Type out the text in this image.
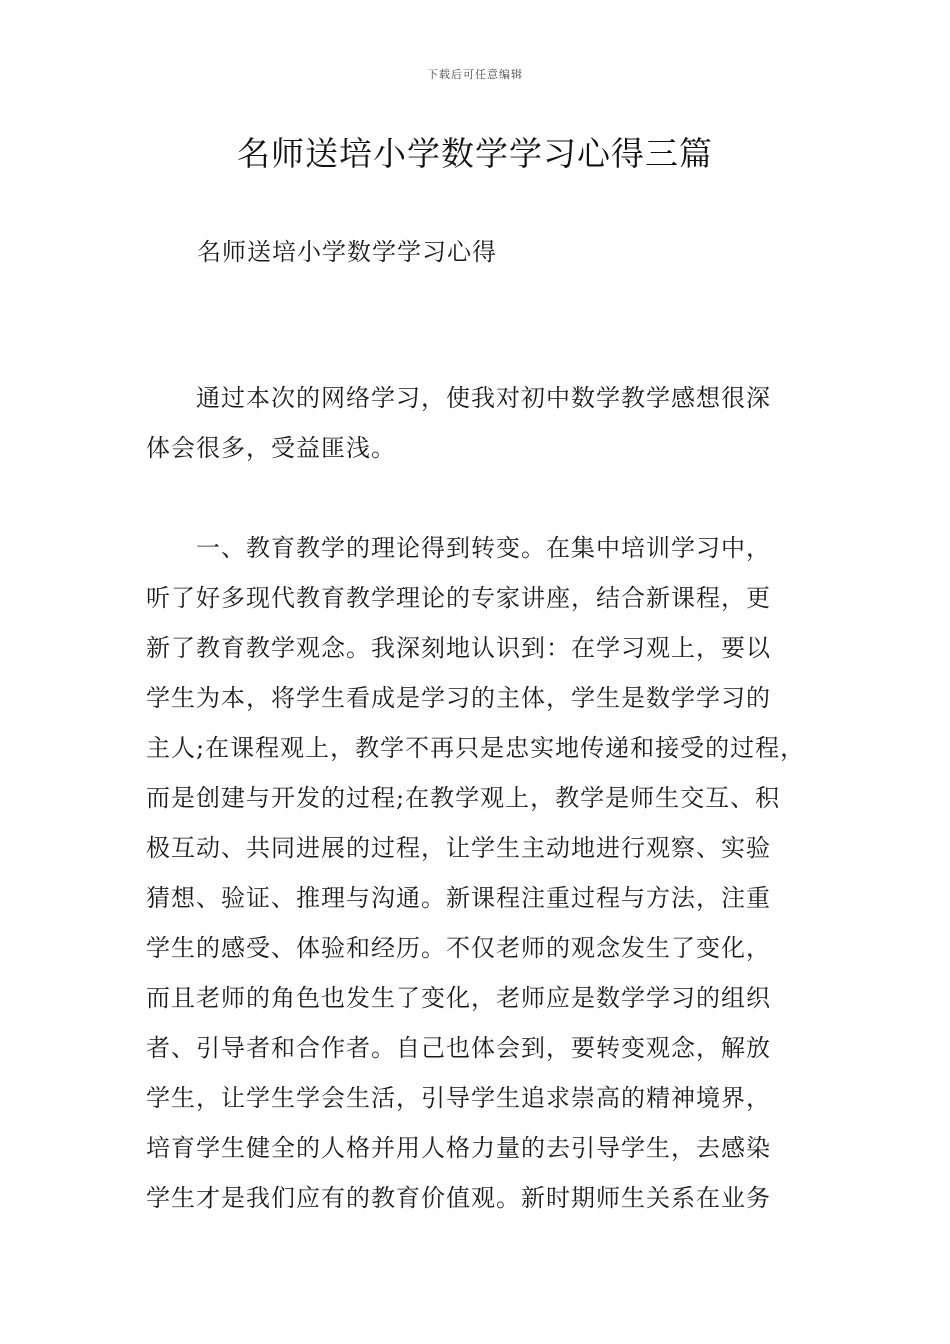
下载后可任意编辑
名师送培小学数学学习心得三篇
名师送培小学数学学习心得
　　通过本次的网络学习，使我对初中数学教学感想很深
体会很多，受益匪浅。
　　一、教育教学的理论得到转变。在集中培训学习中，
听了好多现代教育教学理论的专家讲座，结合新课程，更
新了教育教学观念。我深刻地认识到：在学习观上，要以
学生为本，将学生看成是学习的主体，学生是数学学习的
主人;在课程观上，教学不再只是忠实地传递和接受的过程，
而是创建与开发的过程;在教学观上，教学是师生交互、积
极互动、共同进展的过程，让学生主动地进行观察、实验
猜想、验证、推理与沟通。新课程注重过程与方法，注重
学生的感受、体验和经历。不仅老师的观念发生了变化，
而且老师的角色也发生了变化，老师应是数学学习的组织
者、引导者和合作者。自己也体会到，要转变观念，解放
学生，让学生学会生活，引导学生追求崇高的精神境界，
培育学生健全的人格并用人格力量的去引导学生，去感染
学生才是我们应有的教育价值观。新时期师生关系在业务
